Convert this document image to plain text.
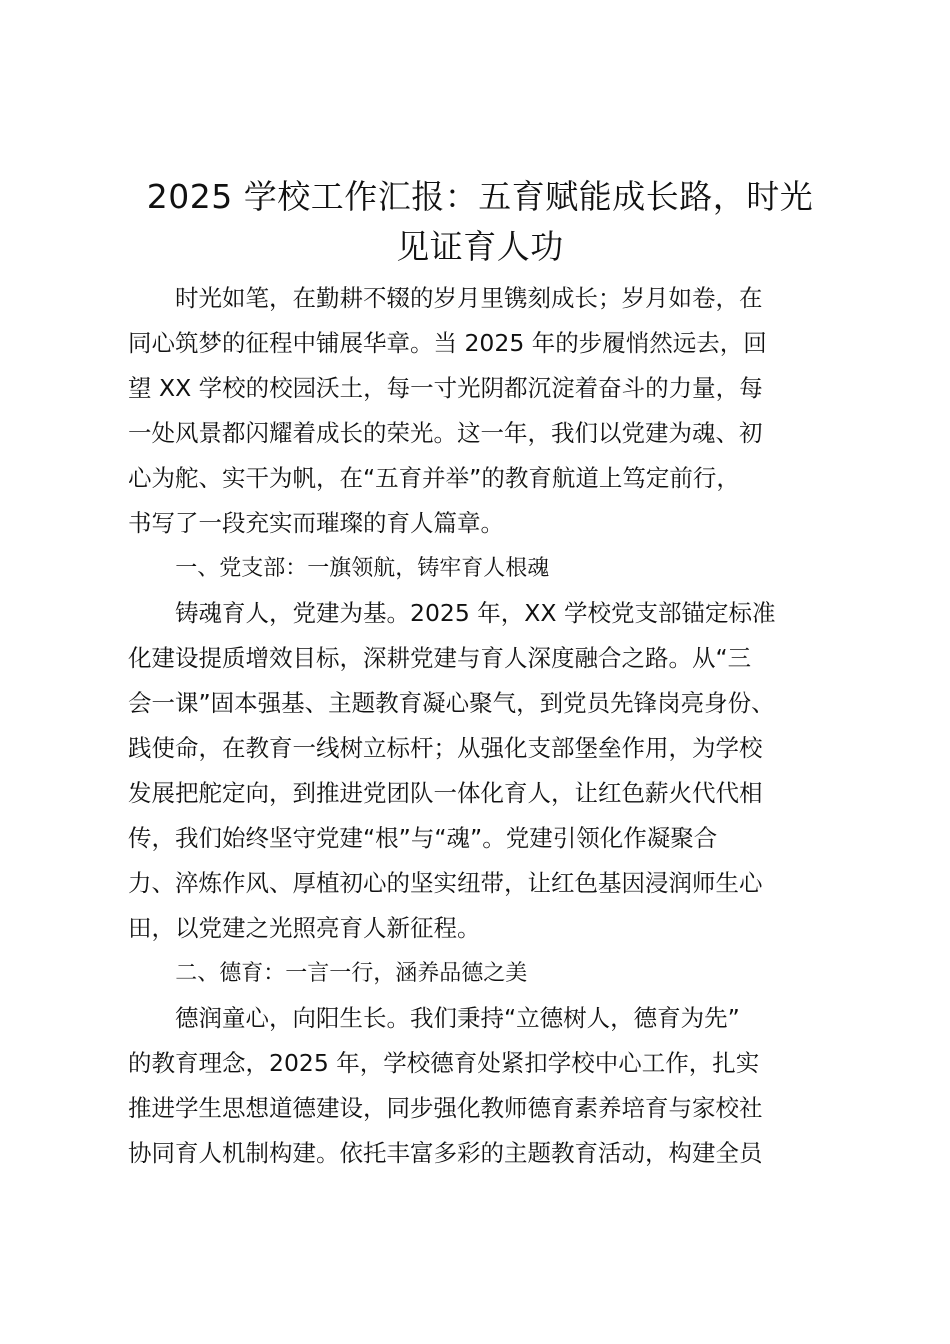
2025 学校工作汇报：五育赋能成长路，时光
见证育人功

时光如笔，在勤耕不辍的岁月里镌刻成长；岁月如卷，在
同心筑梦的征程中铺展华章。当 2025 年的步履悄然远去，回
望 XX 学校的校园沃土，每一寸光阴都沉淀着奋斗的力量，每
一处风景都闪耀着成长的荣光。这一年，我们以党建为魂、初
心为舵、实干为帆，在“五育并举”的教育航道上笃定前行，
书写了一段充实而璀璨的育人篇章。

一、党支部：一旗领航，铸牢育人根魂

铸魂育人，党建为基。2025 年，XX 学校党支部锚定标准
化建设提质增效目标，深耕党建与育人深度融合之路。从“三
会一课”固本强基、主题教育凝心聚气，到党员先锋岗亮身份、
践使命，在教育一线树立标杆；从强化支部堡垒作用，为学校
发展把舵定向，到推进党团队一体化育人，让红色薪火代代相
传，我们始终坚守党建“根”与“魂”。党建引领化作凝聚合
力、淬炼作风、厚植初心的坚实纽带，让红色基因浸润师生心
田，以党建之光照亮育人新征程。

二、德育：一言一行，涵养品德之美

德润童心，向阳生长。我们秉持“立德树人，德育为先”
的教育理念，2025 年，学校德育处紧扣学校中心工作，扎实
推进学生思想道德建设，同步强化教师德育素养培育与家校社
协同育人机制构建。依托丰富多彩的主题教育活动，构建全员
